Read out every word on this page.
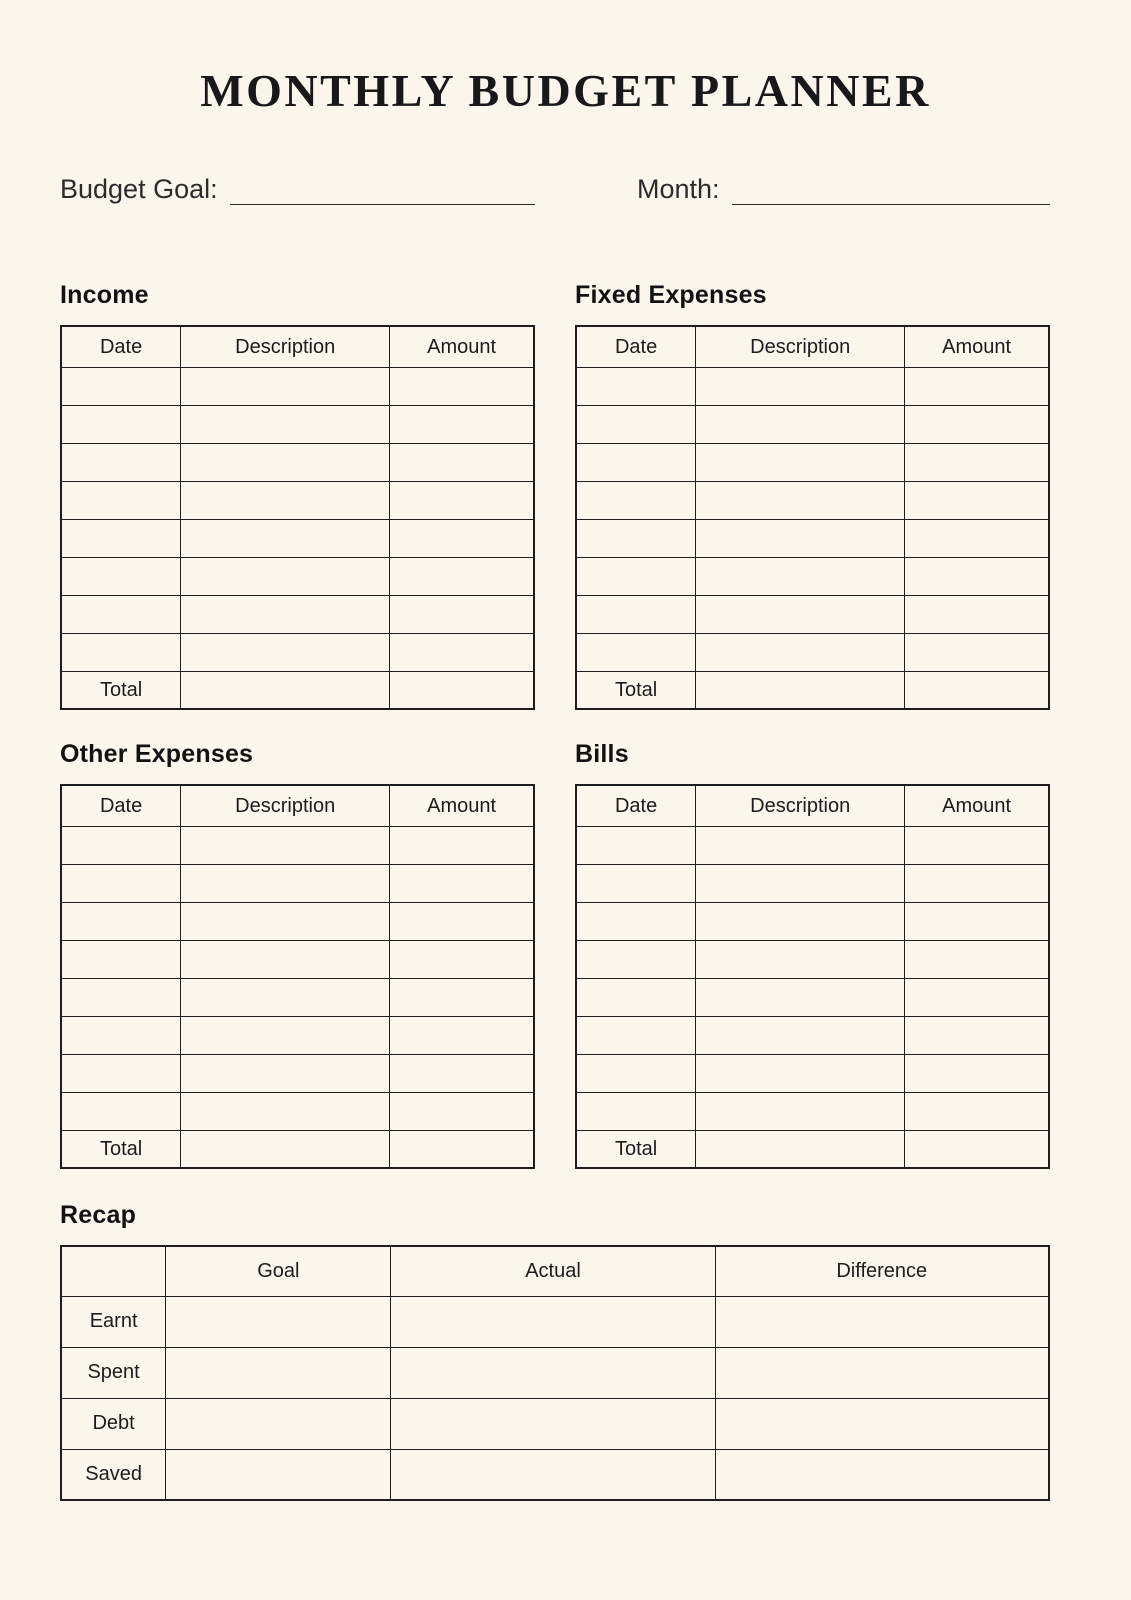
MONTHLY BUDGET PLANNER
Budget Goal:	Month:
Income
Date	Description	Amount

Total		
Fixed Expenses
Date	Description	Amount

Total		
Other Expenses
Date	Description	Amount

Total		
Bills
Date	Description	Amount

Total		
Recap
	Goal	Actual	Difference
Earnt			
Spent			
Debt			
Saved			
